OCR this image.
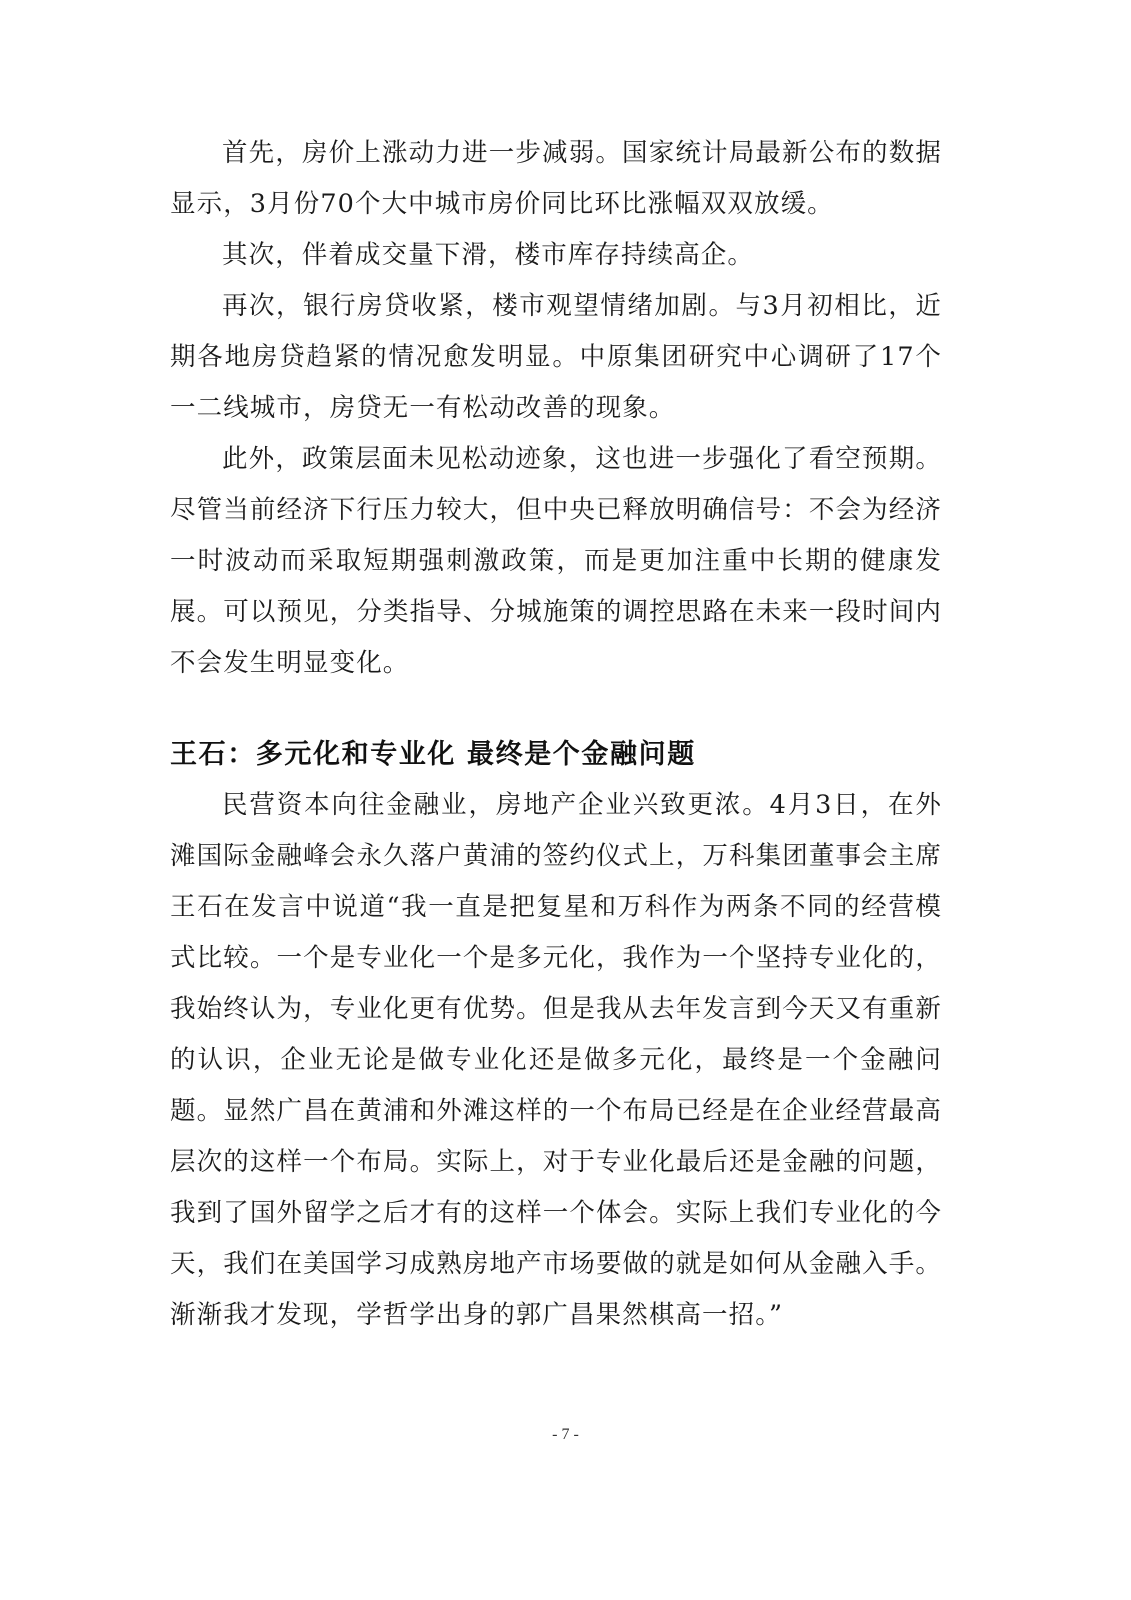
首先，房价上涨动力进一步减弱。国家统计局最新公布的数据显示，3月份70个大中城市房价同比环比涨幅双双放缓。

其次，伴着成交量下滑，楼市库存持续高企。

再次，银行房贷收紧，楼市观望情绪加剧。与3月初相比，近期各地房贷趋紧的情况愈发明显。中原集团研究中心调研了17个一二线城市，房贷无一有松动改善的现象。

此外，政策层面未见松动迹象，这也进一步强化了看空预期。尽管当前经济下行压力较大，但中央已释放明确信号：不会为经济一时波动而采取短期强刺激政策，而是更加注重中长期的健康发展。可以预见，分类指导、分城施策的调控思路在未来一段时间内不会发生明显变化。

王石：多元化和专业化 最终是个金融问题

民营资本向往金融业，房地产企业兴致更浓。4月3日，在外滩国际金融峰会永久落户黄浦的签约仪式上，万科集团董事会主席王石在发言中说道“我一直是把复星和万科作为两条不同的经营模式比较。一个是专业化一个是多元化，我作为一个坚持专业化的，我始终认为，专业化更有优势。但是我从去年发言到今天又有重新的认识，企业无论是做专业化还是做多元化，最终是一个金融问题。显然广昌在黄浦和外滩这样的一个布局已经是在企业经营最高层次的这样一个布局。实际上，对于专业化最后还是金融的问题，我到了国外留学之后才有的这样一个体会。实际上我们专业化的今天，我们在美国学习成熟房地产市场要做的就是如何从金融入手。渐渐我才发现，学哲学出身的郭广昌果然棋高一招。”

- 7 -
